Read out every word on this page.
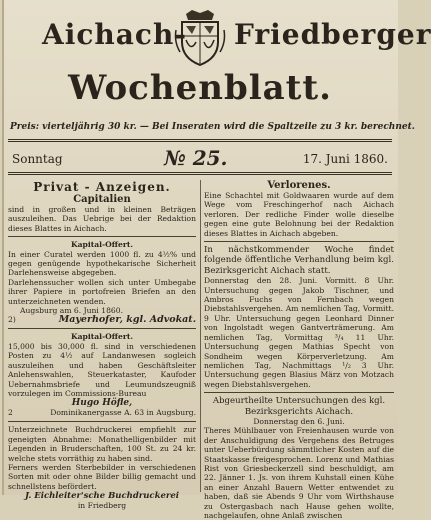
Aichach- Friedberger
Wochenblatt.
Preis: vierteljährig 30 kr. — Bei Inseraten wird die Spaltzeile zu 3 kr. berechnet.
Sonntag	№ 25.	17. Juni 1860.
Privat - Anzeigen.
Capitalien

sind in großen und in kleinen Beträgen auszuleihen. Das Uebrige bei der Redaktion dieses Blattes in Aichach.

Kapital-Offert.

In einer Curatel werden 1000 fl. zu 4½% und gegen genügende hypothekarische Sicherheit Darlehensweise abgegeben.

Darlehenssucher wollen sich unter Umbegabe ihrer Papiere in portofreien Briefen an den unterzeichneten wenden.

Augsburg am 6. Juni 1860.

2)	Mayerhofer, kgl. Advokat.
Kapital-Offert.

15,000 bis 30,000 fl. sind in verschiedenen Posten zu 4½ auf Landanwesen sogleich auszuleihen und haben Geschäftsleiter Anlehenswahlen, Steuerkataster, Kaufoder Uebernahmsbriefe und Leumundszeugniß vorzulegen im Commissions-Bureau

Hugo Höfle,
2	Dominikanergasse A. 63 in Augsburg.

Unterzeichnete Buchdruckerei empfiehlt zur geneigten Abnahme: Monathelligenbilder mit Legenden in Bruderschaften, 100 St. zu 24 kr. welche stets vorräthig zu haben sind.

Ferners werden Sterbebilder in verschiedenen Sorten mit oder ohne Bilder billig gemacht und schnellstens befördert.

J. Eichleiter'sche Buchdruckerei
in Friedberg
Verlorenes.

Eine Schachtel mit Goldwaaren wurde auf dem Wege vom Freschingerhof nach Aichach verloren. Der redliche Finder wolle dieselbe gegen eine gute Belohnung bei der Redaktion dieses Blattes in Aichach abgeben.

In nächstkommender Woche findet folgende öffentliche Verhandlung beim kgl. Bezirksgericht Aichach statt.

Donnerstag den 28. Juni. Vormitt. 8 Uhr. Untersuchung gegen Jakob Tischner, und Ambros Fuchs von Fernbach wegen Diebstahlsvergehen. Am nemlichen Tag, Vormitt. 9 Uhr. Untersuchung gegen Leonhard Dinner von Ingolstadt wegen Gantverträmerung. Am nemlichen Tag, Vormittag ³/₄ 11 Uhr. Untersuchung gegen Mathias Specht von Sondheim wegen Körperverletzung. Am nemlichen Tag, Nachmittags ¹/₂ 3 Uhr. Untersuchung gegen Blasius März von Motzach wegen Diebstahlsvergehen.

Abgeurtheilte Untersuchungen des kgl. Bezirksgerichts Aichach.

Donnerstag den 6. Juni.

Theres Mühlbauer von Freienhausen wurde von der Anschuldigung des Vergehens des Betruges unter Ueberbürdung sämmtlicher Kosten auf die Staatskasse freigesprochen. Lorenz und Mathias Rist von Griesbeckerzell sind beschuldigt, am 22. Jänner 1. Js. von ihrem Kuhstall einen Kühe an einer Anzahl Bauern Wetter entwendet zu haben, daß sie Abends 9 Uhr vom Wirthshause zu Ostergasbach nach Hause gehen wollte, nachgelaufen, ohne Anlaß zwischen
